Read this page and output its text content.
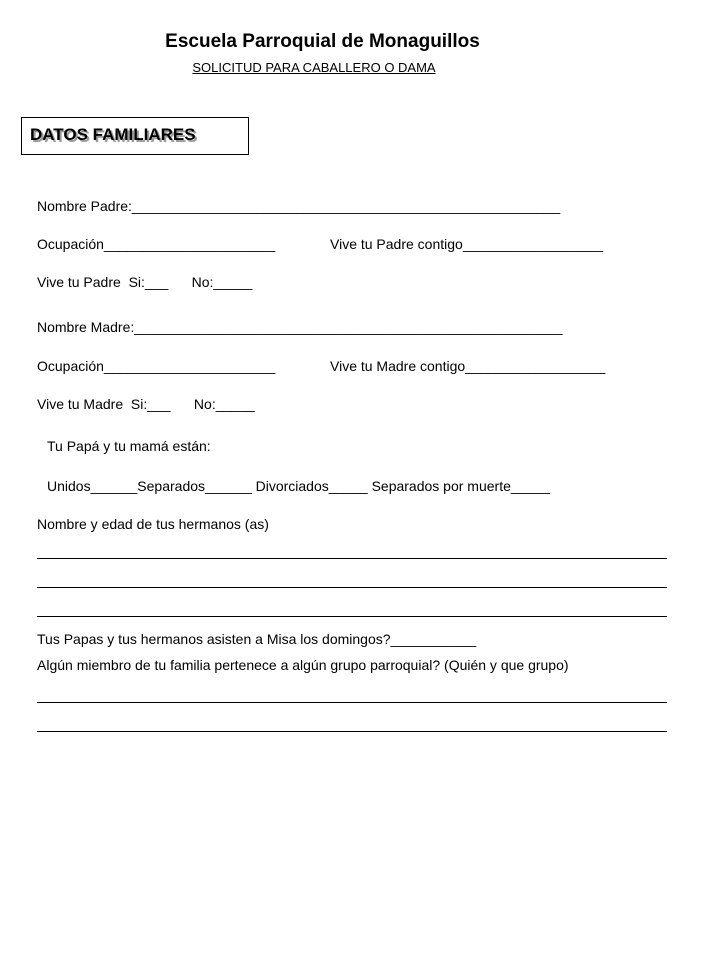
Escuela Parroquial de Monaguillos
SOLICITUD PARA CABALLERO O DAMA
DATOS FAMILIARES
Nombre Padre:_______________________________________________________
Ocupación______________________	Vive tu Padre contigo__________________
Vive tu Padre  Si:___      No:_____
Nombre Madre:_______________________________________________________
Ocupación______________________	Vive tu Madre contigo__________________
Vive tu Madre  Si:___      No:_____
Tu Papá y tu mamá están:
Unidos______Separados______ Divorciados_____ Separados por muerte_____
Nombre y edad de tus hermanos (as)
Tus Papas y tus hermanos asisten a Misa los domingos?___________
Algún miembro de tu familia pertenece a algún grupo parroquial? (Quién y que grupo)
